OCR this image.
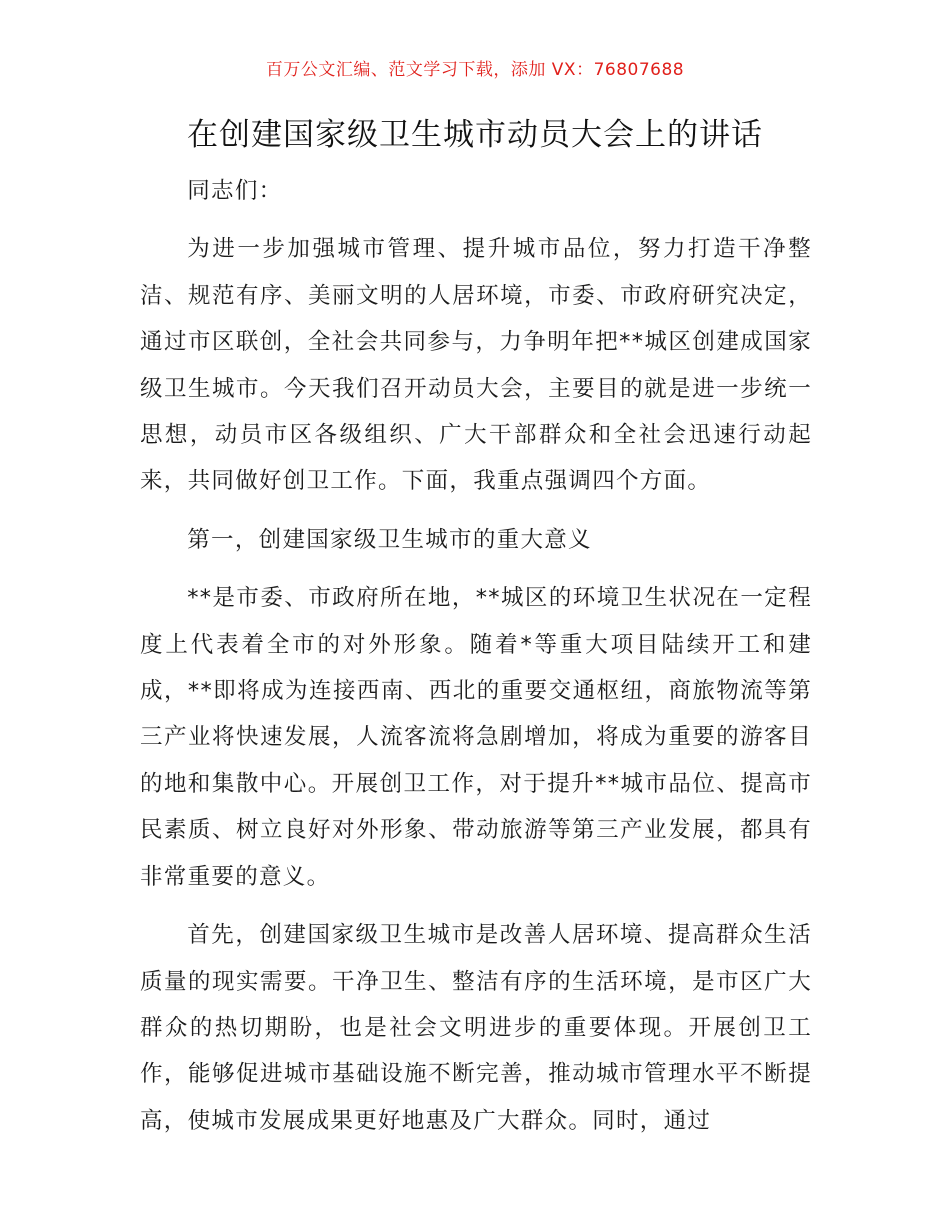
百万公文汇编、范文学习下载，添加 VX：76807688
在创建国家级卫生城市动员大会上的讲话

同志们：

为进一步加强城市管理、提升城市品位，努力打造干净整洁、规范有序、美丽文明的人居环境，市委、市政府研究决定，通过市区联创，全社会共同参与，力争明年把**城区创建成国家级卫生城市。今天我们召开动员大会，主要目的就是进一步统一思想，动员市区各级组织、广大干部群众和全社会迅速行动起来，共同做好创卫工作。下面，我重点强调四个方面。

第一，创建国家级卫生城市的重大意义

**是市委、市政府所在地，**城区的环境卫生状况在一定程度上代表着全市的对外形象。随着*等重大项目陆续开工和建成，**即将成为连接西南、西北的重要交通枢纽，商旅物流等第三产业将快速发展，人流客流将急剧增加，将成为重要的游客目的地和集散中心。开展创卫工作，对于提升**城市品位、提高市民素质、树立良好对外形象、带动旅游等第三产业发展，都具有非常重要的意义。

首先，创建国家级卫生城市是改善人居环境、提高群众生活质量的现实需要。干净卫生、整洁有序的生活环境，是市区广大群众的热切期盼，也是社会文明进步的重要体现。开展创卫工作，能够促进城市基础设施不断完善，推动城市管理水平不断提高，使城市发展成果更好地惠及广大群众。同时，通过
